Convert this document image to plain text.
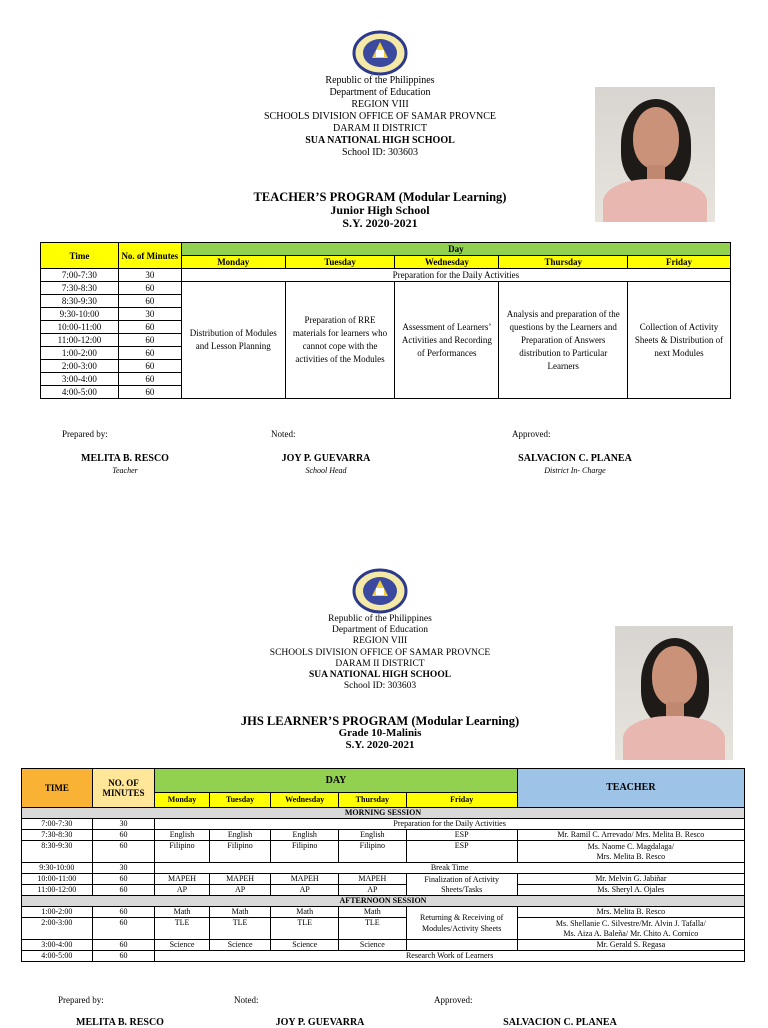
Republic of the Philippines
Department of Education
REGION VIII
SCHOOLS DIVISION OFFICE OF SAMAR PROVNCE
DARAM II DISTRICT
SUA NATIONAL HIGH SCHOOL
School ID: 303603
TEACHER’S PROGRAM (Modular Learning)
Junior High School
S.Y. 2020-2021
Time	No. of Minutes	Day				
		Monday	Tuesday	Wednesday	Thursday	Friday
7:00-7:30	30	Preparation for the Daily Activities				
7:30-8:30	60	Distribution of Modules and Lesson Planning	Preparation of RRE materials for learners who cannot cope with the activities of the Modules	Assessment of Learners’ Activities and Recording of Performances	Analysis and preparation of the questions by the Learners and Preparation of Answers distribution to Particular Learners	Collection of Activity Sheets & Distribution of next Modules
8:30-9:30	60					
9:30-10:00	30					
10:00-11:00	60					
11:00-12:00	60					
1:00-2:00	60					
2:00-3:00	60					
3:00-4:00	60					
4:00-5:00	60					
Prepared by:	Noted:	Approved:
MELITA B. RESCO
Teacher
JOY P. GUEVARRA
School Head
SALVACION C. PLANEA
District In- Charge
Republic of the Philippines
Department of Education
REGION VIII
SCHOOLS DIVISION OFFICE OF SAMAR PROVNCE
DARAM II DISTRICT
SUA NATIONAL HIGH SCHOOL
School ID: 303603
JHS LEARNER’S PROGRAM (Modular Learning)
Grade 10-Malinis
S.Y. 2020-2021
TIME	NO. OF MINUTES	DAY					TEACHER
		Monday	Tuesday	Wednesday	Thursday	Friday	
MORNING SESSION							
7:00-7:30	30	Preparation for the Daily Activities					
7:30-8:30	60	English	English	English	English	ESP	Mr. Ramil C. Arrevado/ Mrs. Melita B. Resco
8:30-9:30	60	Filipino	Filipino	Filipino	Filipino	ESP	Ms. Naome C. Magdalaga/
Mrs. Melita B. Resco

9:30-10:00	30	Break Time					
10:00-11:00	60	MAPEH	MAPEH	MAPEH	MAPEH	Finalization of Activity Sheets/Tasks	Mr. Melvin G. Jabiñar
11:00-12:00	60	AP	AP	AP	AP		Ms. Sheryl A. Ojales
AFTERNOON SESSION							
1:00-2:00	60	Math	Math	Math	Math	Returning & Receiving of Modules/Activity Sheets	Mrs. Melita B. Resco
2:00-3:00	60	TLE	TLE	TLE	TLE		Ms. Shellanie C. Silvestre/Mr. Alvin J. Tafalla/
Ms. Aiza A. Baleña/ Mr. Chito A. Cornico

3:00-4:00	60	Science	Science	Science	Science		Mr. Gerald S. Regasa
4:00-5:00	60	Research Work of Learners					
Prepared by:	Noted:	Approved:
MELITA B. RESCO	JOY P. GUEVARRA	SALVACION C. PLANEA
